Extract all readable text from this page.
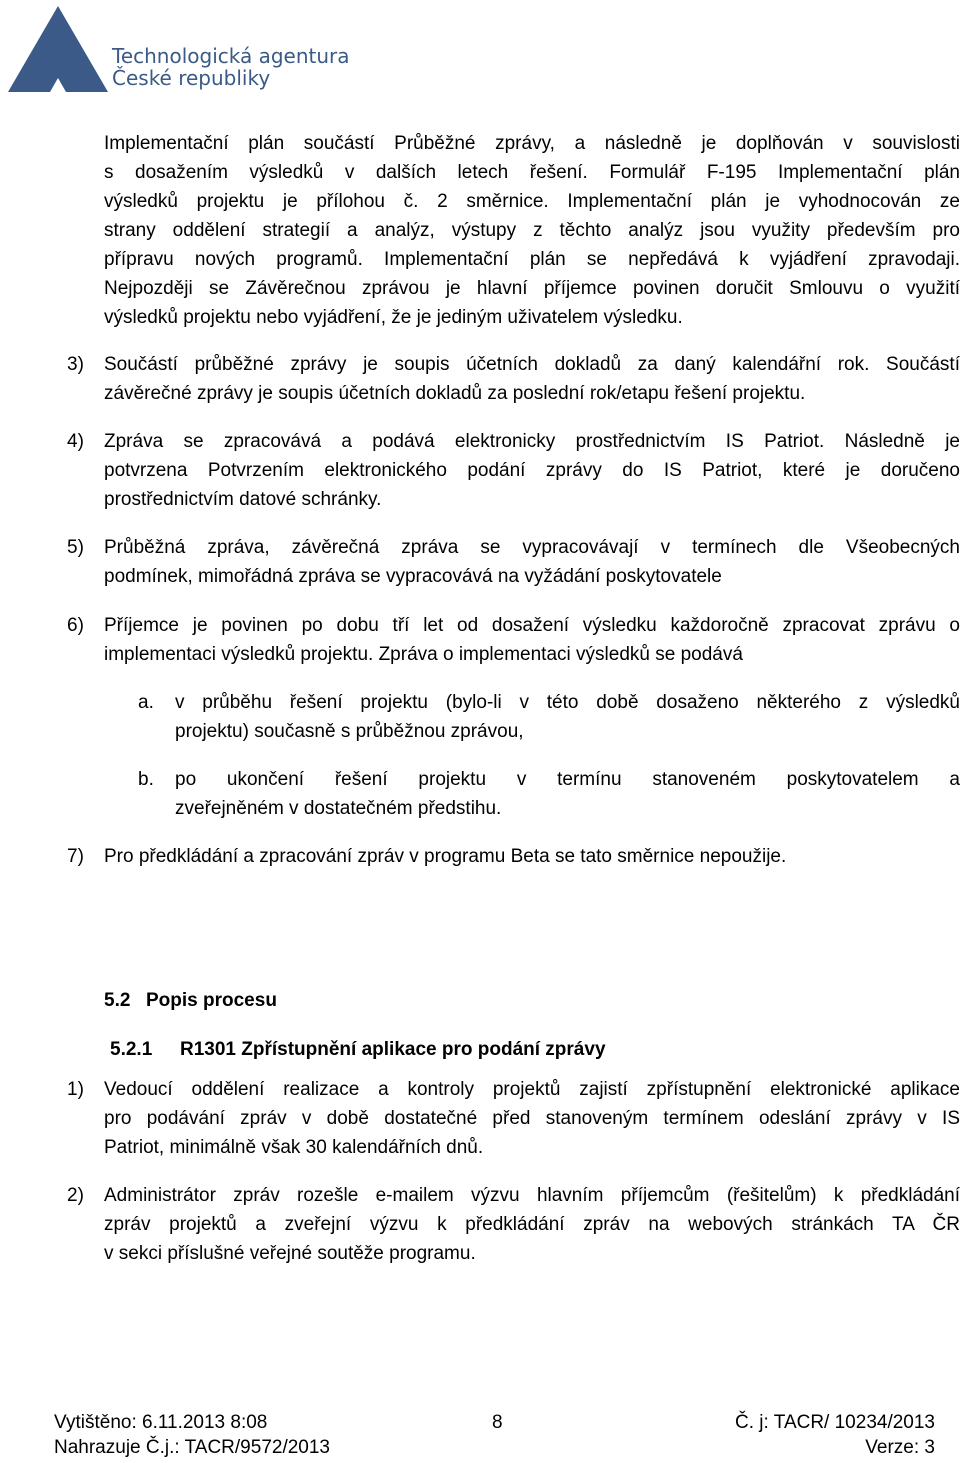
Technologická agentura
České republiky
Implementační plán součástí Průběžné zprávy, a následně je doplňován v souvislosti
s dosažením výsledků v dalších letech řešení. Formulář F-195 Implementační plán
výsledků projektu je přílohou č. 2 směrnice. Implementační plán je vyhodnocován ze
strany oddělení strategií a analýz, výstupy z těchto analýz jsou využity především pro
přípravu nových programů. Implementační plán se nepředává k vyjádření zpravodaji.
Nejpozději se Závěrečnou zprávou je hlavní příjemce povinen doručit Smlouvu o využití
výsledků projektu nebo vyjádření, že je jediným uživatelem výsledku.
3) Součástí průběžné zprávy je soupis účetních dokladů za daný kalendářní rok. Součástí
závěrečné zprávy je soupis účetních dokladů za poslední rok/etapu řešení projektu.
4) Zpráva se zpracovává a podává elektronicky prostřednictvím IS Patriot. Následně je
potvrzena Potvrzením elektronického podání zprávy do IS Patriot, které je doručeno
prostřednictvím datové schránky.
5) Průběžná zpráva, závěrečná zpráva se vypracovávají v termínech dle Všeobecných
podmínek, mimořádná zpráva se vypracovává na vyžádání poskytovatele
6) Příjemce je povinen po dobu tří let od dosažení výsledku každoročně zpracovat zprávu o
implementaci výsledků projektu. Zpráva o implementaci výsledků se podává
a. v průběhu řešení projektu (bylo-li v této době dosaženo některého z výsledků
projektu) současně s průběžnou zprávou,
b. po ukončení řešení projektu v termínu stanoveném poskytovatelem a
zveřejněném v dostatečném předstihu.
7) Pro předkládání a zpracování zpráv v programu Beta se tato směrnice nepoužije.
5.2 Popis procesu
5.2.1 R1301 Zpřístupnění aplikace pro podání zprávy
1) Vedoucí oddělení realizace a kontroly projektů zajistí zpřístupnění elektronické aplikace
pro podávání zpráv v době dostatečné před stanoveným termínem odeslání zprávy v IS
Patriot, minimálně však 30 kalendářních dnů.
2) Administrátor zpráv rozešle e-mailem výzvu hlavním příjemcům (řešitelům) k předkládání
zpráv projektů a zveřejní výzvu k předkládání zpráv na webových stránkách TA ČR
v sekci příslušné veřejné soutěže programu.
Vytištěno: 6.11.2013 8:08	8	Č. j: TACR/ 10234/2013
Nahrazuje Č.j.: TACR/9572/2013	Verze: 3
